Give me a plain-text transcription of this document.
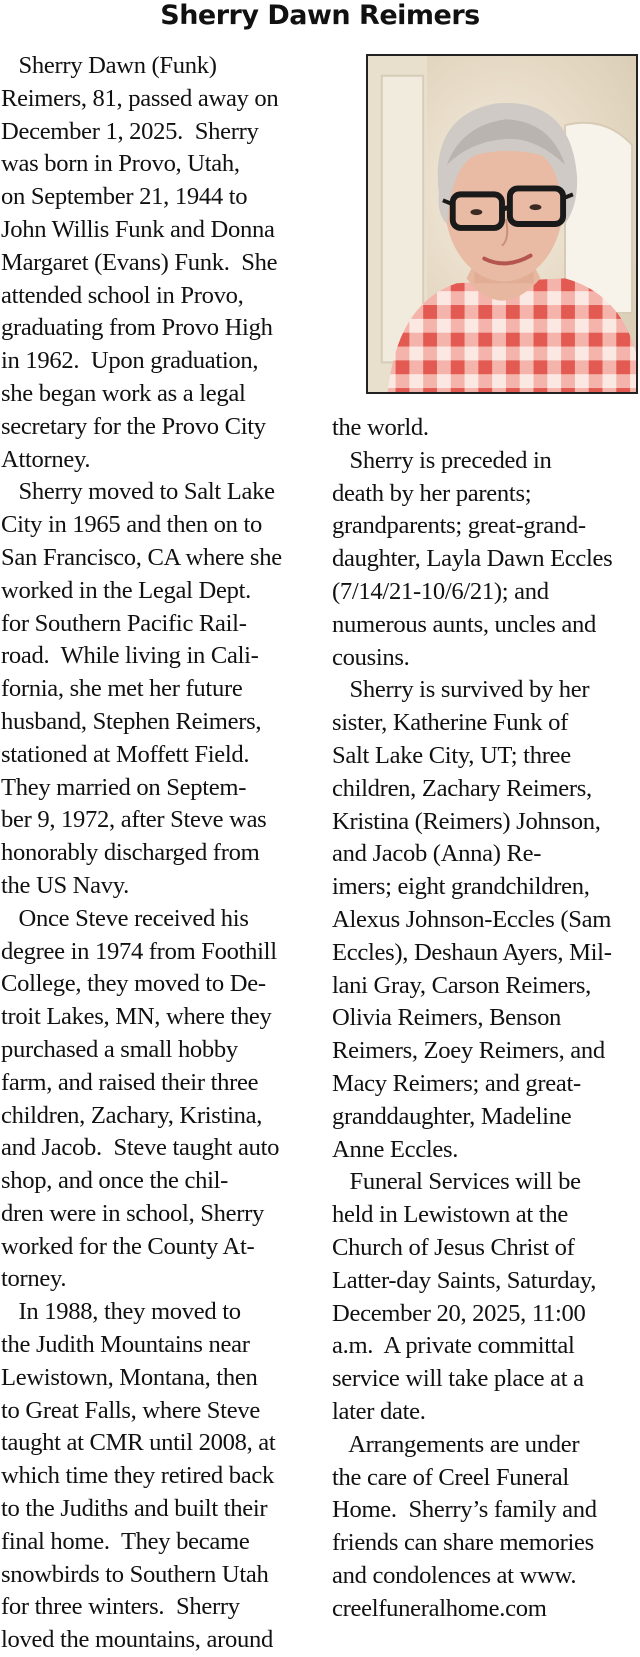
Sherry Dawn Reimers
Sherry Dawn (Funk)
Reimers, 81, passed away on
December 1, 2025.  Sherry
was born in Provo, Utah,
on September 21, 1944 to
John Willis Funk and Donna
Margaret (Evans) Funk.  She
attended school in Provo,
graduating from Provo High
in 1962.  Upon graduation,
she began work as a legal
secretary for the Provo City
Attorney.
Sherry moved to Salt Lake
City in 1965 and then on to
San Francisco, CA where she
worked in the Legal Dept.
for Southern Pacific Rail-
road.  While living in Cali-
fornia, she met her future
husband, Stephen Reimers,
stationed at Moffett Field.
They married on Septem-
ber 9, 1972, after Steve was
honorably discharged from
the US Navy.
Once Steve received his
degree in 1974 from Foothill
College, they moved to De-
troit Lakes, MN, where they
purchased a small hobby
farm, and raised their three
children, Zachary, Kristina,
and Jacob.  Steve taught auto
shop, and once the chil-
dren were in school, Sherry
worked for the County At-
torney.
In 1988, they moved to
the Judith Mountains near
Lewistown, Montana, then
to Great Falls, where Steve
taught at CMR until 2008, at
which time they retired back
to the Judiths and built their
final home.  They became
snowbirds to Southern Utah
for three winters.  Sherry
loved the mountains, around
the world.
Sherry is preceded in
death by her parents;
grandparents; great-grand-
daughter, Layla Dawn Eccles
(7/14/21-10/6/21); and
numerous aunts, uncles and
cousins.
Sherry is survived by her
sister, Katherine Funk of
Salt Lake City, UT; three
children, Zachary Reimers,
Kristina (Reimers) Johnson,
and Jacob (Anna) Re-
imers; eight grandchildren,
Alexus Johnson-Eccles (Sam
Eccles), Deshaun Ayers, Mil-
lani Gray, Carson Reimers,
Olivia Reimers, Benson
Reimers, Zoey Reimers, and
Macy Reimers; and great-
granddaughter, Madeline
Anne Eccles.
Funeral Services will be
held in Lewistown at the
Church of Jesus Christ of
Latter-day Saints, Saturday,
December 20, 2025, 11:00
a.m.  A private committal
service will take place at a
later date.
Arrangements are under
the care of Creel Funeral
Home.  Sherry’s family and
friends can share memories
and condolences at www.
creelfuneralhome.com
